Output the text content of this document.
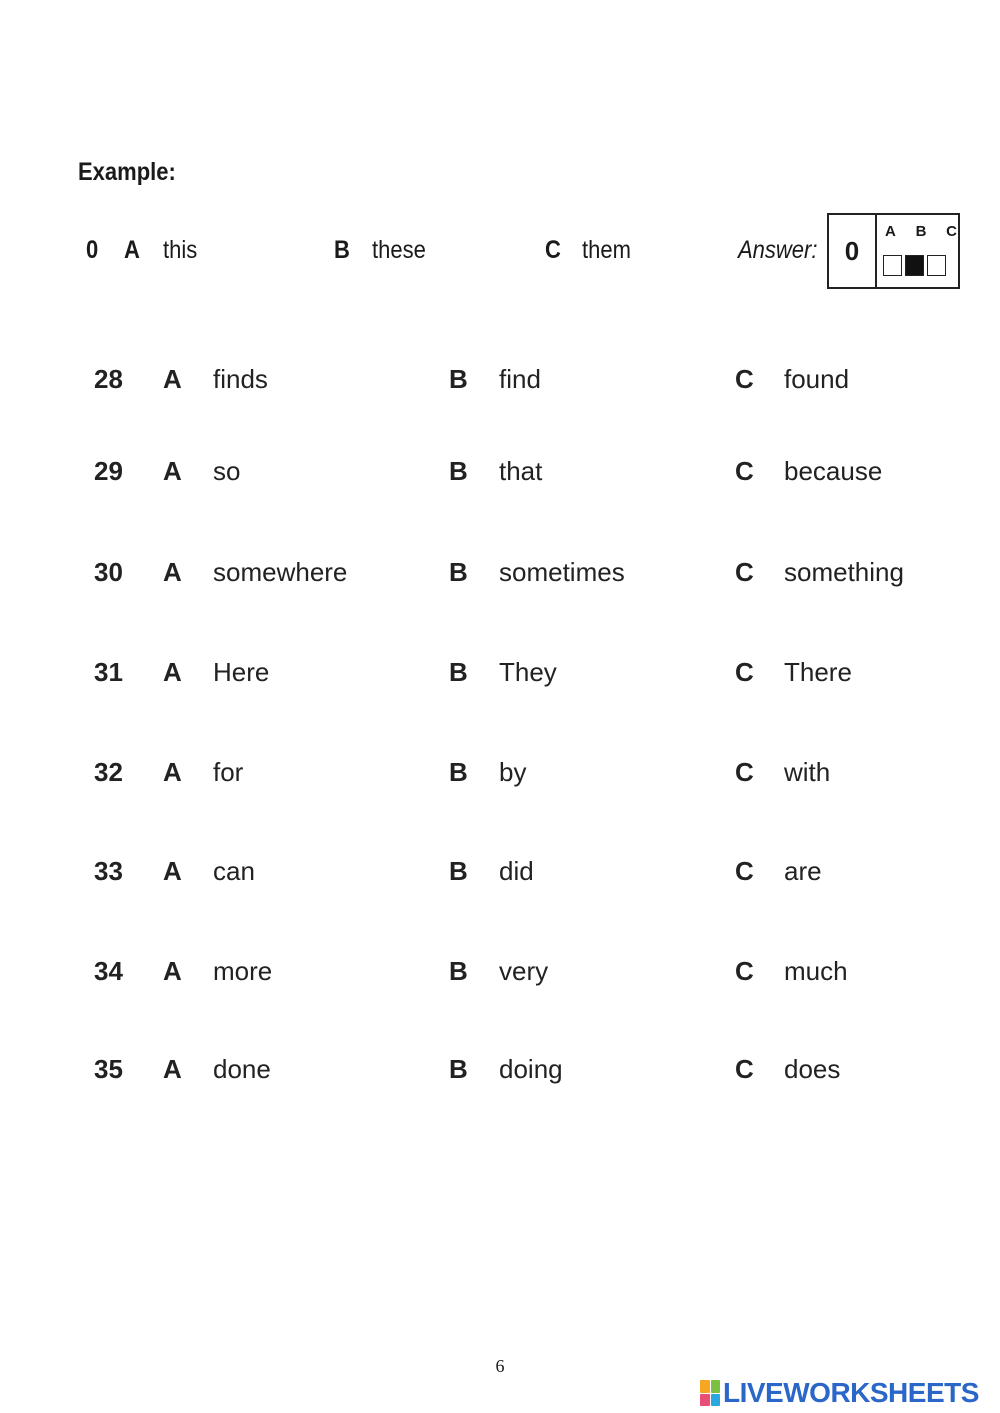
Example:
0 A this	B these	C them	Answer:	0
A B C
28 A finds	B find	C found
29 A so	B that	C because
30 A somewhere	B sometimes	C something
31 A Here	B They	C There
32 A for	B by	C with
33 A can	B did	C are
34 A more	B very	C much
35 A done	B doing	C does
6
LIVEWORKSHEETS
